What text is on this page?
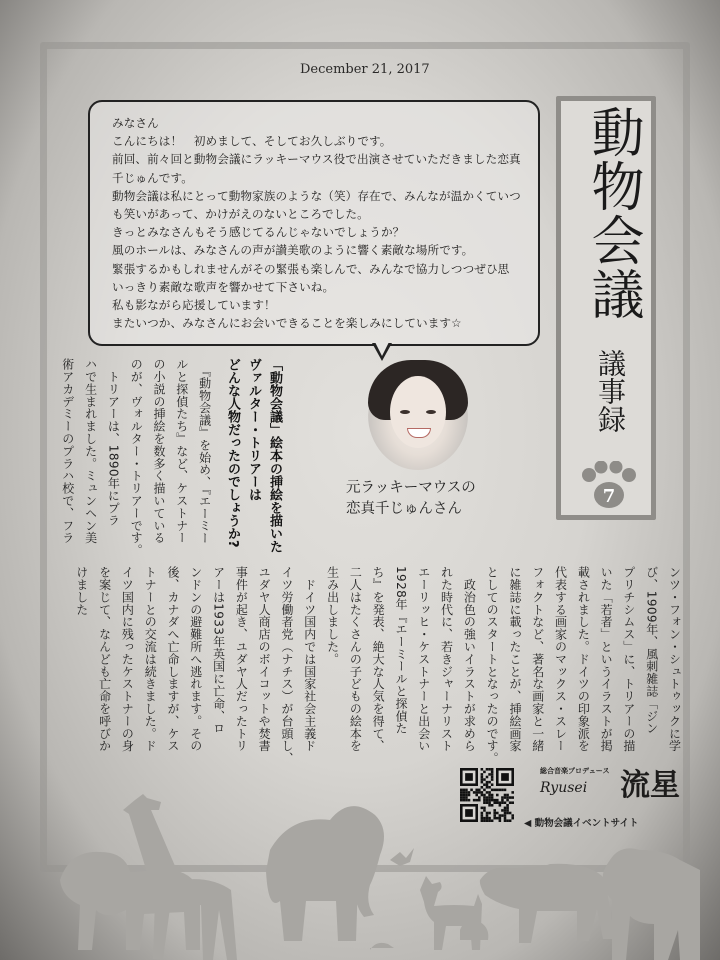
December 21, 2017
みなさん
こんにちは！　初めまして、そしてお久しぶりです。
前回、前々回と動物会議にラッキーマウス役で出演させていただきました恋真
千じゅんです。
動物会議は私にとって動物家族のような（笑）存在で、みんなが温かくていつ
も笑いがあって、かけがえのないところでした。
きっとみなさんもそう感じてるんじゃないでしょうか？
風のホールは、みなさんの声が讃美歌のように響く素敵な場所です。
緊張するかもしれませんがその緊張も楽しんで、みんなで協力しつつぜひ思
いっきり素敵な歌声を響かせて下さいね。
私も影ながら応援しています！
またいつか、みなさんにお会いできることを楽しみにしています☆
動物会議
議事録
7
元ラッキーマウスの
恋真千じゅんさん
「動物会議」絵本の挿絵を描いた
ヴァルター・トリアーは
どんな人物だったのでしょうか?
　『動物会議』を始め、『エーミー
ルと探偵たち』など、ケストナー
の小説の挿絵を数多く描いている
のが、ヴォルター・トリアーです。
　トリアーは、1890年にプラ
ハで生まれました。ミュンヘン美
術アカデミーのプラハ校で、フラ
ンツ・フォン・シュトゥックに学
び、1909年、風刺雑誌「ジン
プリチシムス」に、トリアーの描
いた「若者」というイラストが掲
載されました。ドイツの印象派を
代表する画家のマックス・スレー
フォクトなど、著名な画家と一緒
に雑誌に載ったことが、挿絵画家
としてのスタートとなったのです。
　政治色の強いイラストが求めら
れた時代に、若きジャーナリスト
エーリッヒ・ケストナーと出会い
1928年『エーミールと探偵た
ち』を発表、絶大な人気を得て、
二人はたくさんの子どもの絵本を
生み出しました。
　ドイツ国内では国家社会主義ド
イツ労働者党（ナチス）が台頭し、
ユダヤ人商店のボイコットや焚書
事件が起き、ユダヤ人だったトリ
アーは1933年英国に亡命、ロ
ンドンの避難所へ逃れます。その
後、カナダへ亡命しますが、ケス
トナーとの交流は続きました。ド
イツ国内に残ったケストナーの身
を案じて、なんども亡命を呼びか
けました
総合音楽プロデュース
Ryusei 流星
◀ 動物会議イベントサイト
